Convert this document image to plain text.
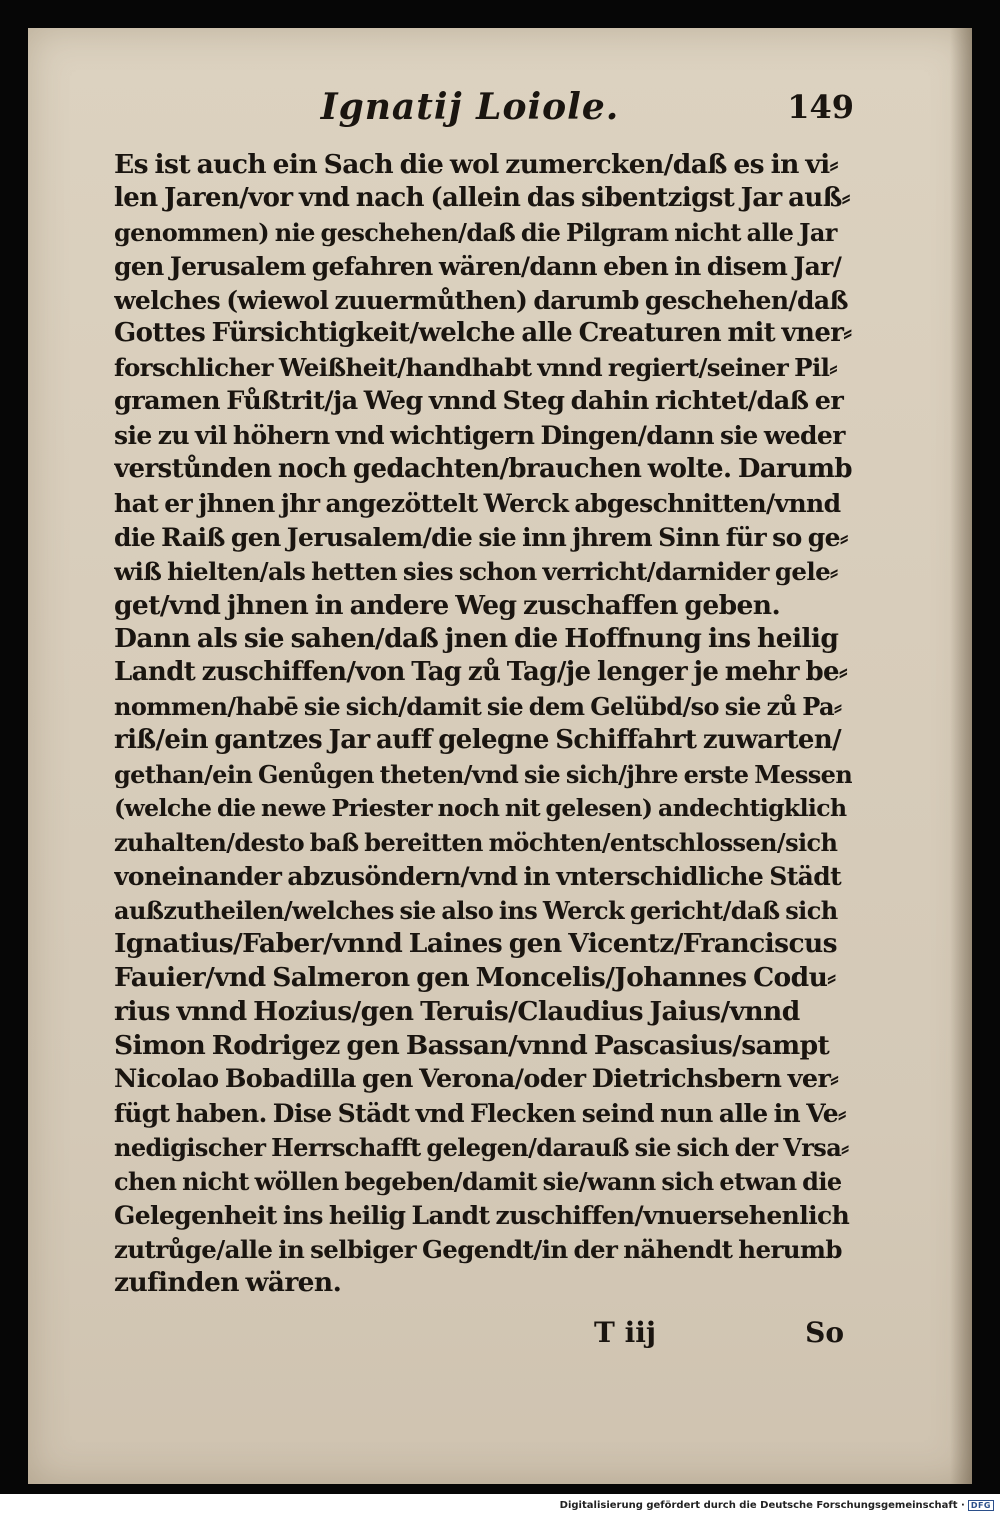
Ignatij Loiole.	149
Es ist auch ein Sach die wol zumercken/daß es in vi⸗
len Jaren/vor vnd nach (allein das sibentzigst Jar auß⸗
genommen) nie geschehen/daß die Pilgram nicht alle Jar
gen Jerusalem gefahren wären/dann eben in disem Jar/
welches (wiewol zuuermůthen) darumb geschehen/daß
Gottes Fürsichtigkeit/welche alle Creaturen mit vner⸗
forschlicher Weißheit/handhabt vnnd regiert/seiner Pil⸗
gramen Fůßtrit/ja Weg vnnd Steg dahin richtet/daß er
sie zu vil höhern vnd wichtigern Dingen/dann sie weder
verstůnden noch gedachten/brauchen wolte. Darumb
hat er jhnen jhr angezöttelt Werck abgeschnitten/vnnd
die Raiß gen Jerusalem/die sie inn jhrem Sinn für so ge⸗
wiß hielten/als hetten sies schon verricht/darnider gele⸗
get/vnd jhnen in andere Weg zuschaffen geben.
Dann als sie sahen/daß jnen die Hoffnung ins heilig
Landt zuschiffen/von Tag zů Tag/je lenger je mehr be⸗
nommen/habē sie sich/damit sie dem Gelübd/so sie zů Pa⸗
riß/ein gantzes Jar auff gelegne Schiffahrt zuwarten/
gethan/ein Genůgen theten/vnd sie sich/jhre erste Messen
(welche die newe Priester noch nit gelesen) andechtigklich
zuhalten/desto baß bereitten möchten/entschlossen/sich
voneinander abzusöndern/vnd in vnterschidliche Städt
außzutheilen/welches sie also ins Werck gericht/daß sich
Ignatius/Faber/vnnd Laines gen Vicentz/Franciscus
Fauier/vnd Salmeron gen Moncelis/Johannes Codu⸗
rius vnnd Hozius/gen Teruis/Claudius Jaius/vnnd
Simon Rodrigez gen Bassan/vnnd Pascasius/sampt
Nicolao Bobadilla gen Verona/oder Dietrichsbern ver⸗
fügt haben. Dise Städt vnd Flecken seind nun alle in Ve⸗
nedigischer Herrschafft gelegen/darauß sie sich der Vrsa⸗
chen nicht wöllen begeben/damit sie/wann sich etwan die
Gelegenheit ins heilig Landt zuschiffen/vnuersehenlich
zutrůge/alle in selbiger Gegendt/in der nähendt herumb
zufinden wären.
T iij	So
Digitalisierung gefördert durch die Deutsche Forschungsgemeinschaft · DFG
